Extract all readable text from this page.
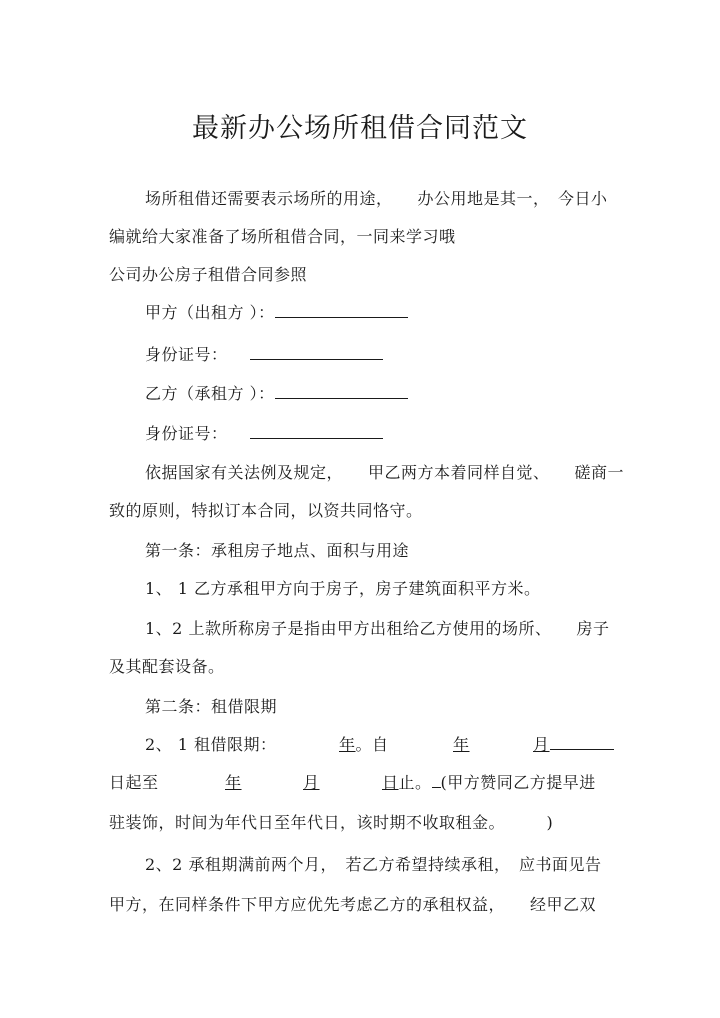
最新办公场所租借合同范文
场所租借还需要表示场所的用途，　　办公用地是其一，　今日小
编就给大家准备了场所租借合同，一同来学习哦
公司办公房子租借合同参照
甲方（出租方 ）：
身份证号：
乙方（承租方 ）：
身份证号：
依据国家有关法例及规定，　　甲乙两方本着同样自觉、　　磋商一
致的原则，特拟订本合同，以资共同恪守。
第一条：承租房子地点、面积与用途
1、 1 乙方承租甲方向于房子，房子建筑面积平方米。
1、2 上款所称房子是指由甲方出租给乙方使用的场所、　　房子
及其配套设备。
第二条：租借限期
2、 1 租借限期：	年。自	年	月
日起至	年	月	日止。 (甲方赞同乙方提早进
驻装饰，时间为年代日至年代日，该时期不收取租金。　　　)
2、2 承租期满前两个月，　若乙方希望持续承租，　应书面见告
甲方，在同样条件下甲方应优先考虑乙方的承租权益，　　经甲乙双
